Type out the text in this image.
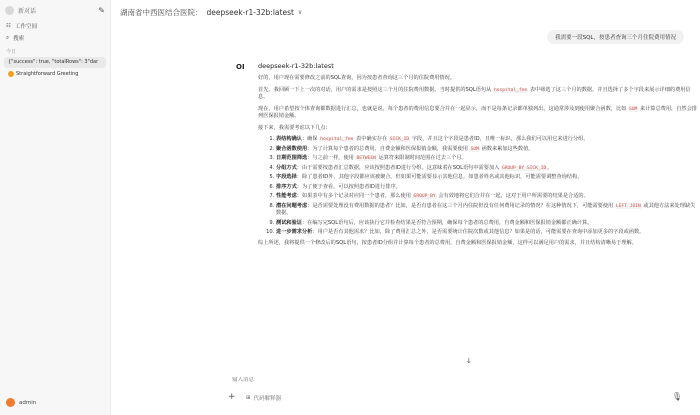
新对话	✎
☷ 工作空间
⌕ 搜索
今日
{"success": true, "totalRows": 3"dar
Straightforward Greeting
admin
湖南省中西医结合医院： deepseek-r1-32b:latest ∨
我需要一段SQL，按患者查询三个月住院费用情况
OI deepseek-r1-32b:latest

好的，用户现在需要修改之前的SQL查询，因为按患者查询这三个月的住院费用情况。

首先，我回顾一下上一次的对话，用户的需求是按照这三个月的住院费用数据。当时提供的SQL语句从 hospital_fee 表中筛选了这三个月的数据，并且选择了多个字段来展示详细的费用信息。

现在，用户希望按个体查询都数据进行汇总，也就是说，每个患者的费用信息要合并在一起显示，而不是每条记录都单独列出。这通常涉及到使用聚合函数，比如 SUM 来计算总费用，自然会排列医保报销金额。

接下来，我需要考虑以下几点：

1. 表结构确认：确保 hospital_fee 表中确实存在 SICK_ID 字段，并且这个字段是患者ID，且唯一标识，那么我们可以用它来进行分组。
2. 聚合函数使用：为了计算每个患者的总费用，自费金额和医保报销金额，我需要使用 SUM 函数来累加这些数值。
3. 日期范围筛选：与之前一样，使用 BETWEEN 运算符来限制时间范围在过去三个月。
4. 分组方式：由于需要按患者汇总数据，应该按照患者ID进行分组。这意味着在SQL语句中需要加入 GROUP BY SICK_ID。
5. 字段选择：除了患者ID外，其他字段都应该被聚合。但如果可能需要显示其他信息，如患者姓名或其他标识，可能需要调整查询结构。
6. 排序方式：为了便于查看，可以按照患者ID进行排序。
7. 性能考虑：如果表中有多个记录对应同一个患者，那么使用 GROUP BY 会有效地将它们合并在一起，这对于用户所需要的结果是合适的。
8. 潜在问题考虑：是否需要处理没有费用数据的患者？比如，是否有患者在这三个月内住院但没有任何费用记录的情况？在这种情况下，可能需要使用 LEFT JOIN 或其他方法来处理缺失数据。
9. 测试和验证：在编写完SQL语句后，应该执行它并检查结果是否符合预期，确保每个患者的总费用，自费金额和医保报销金额都正确计算。
10. 进一步需求分析：用户是否有其他需求？比如，除了费用汇总之外，是否需要统计住院次数或其他信息？如果是的话，可能需要在查询中添加更多的字段或函数。

综上所述，我将提供一个修改后的SQL语句，按患者ID分组并计算每个患者的总费用，自费金额和医保报销金额，这样可以满足用户的需求，并且结构清晰易于理解。

↓
输入消息
+ ⊞ 代码解释器	🎙
